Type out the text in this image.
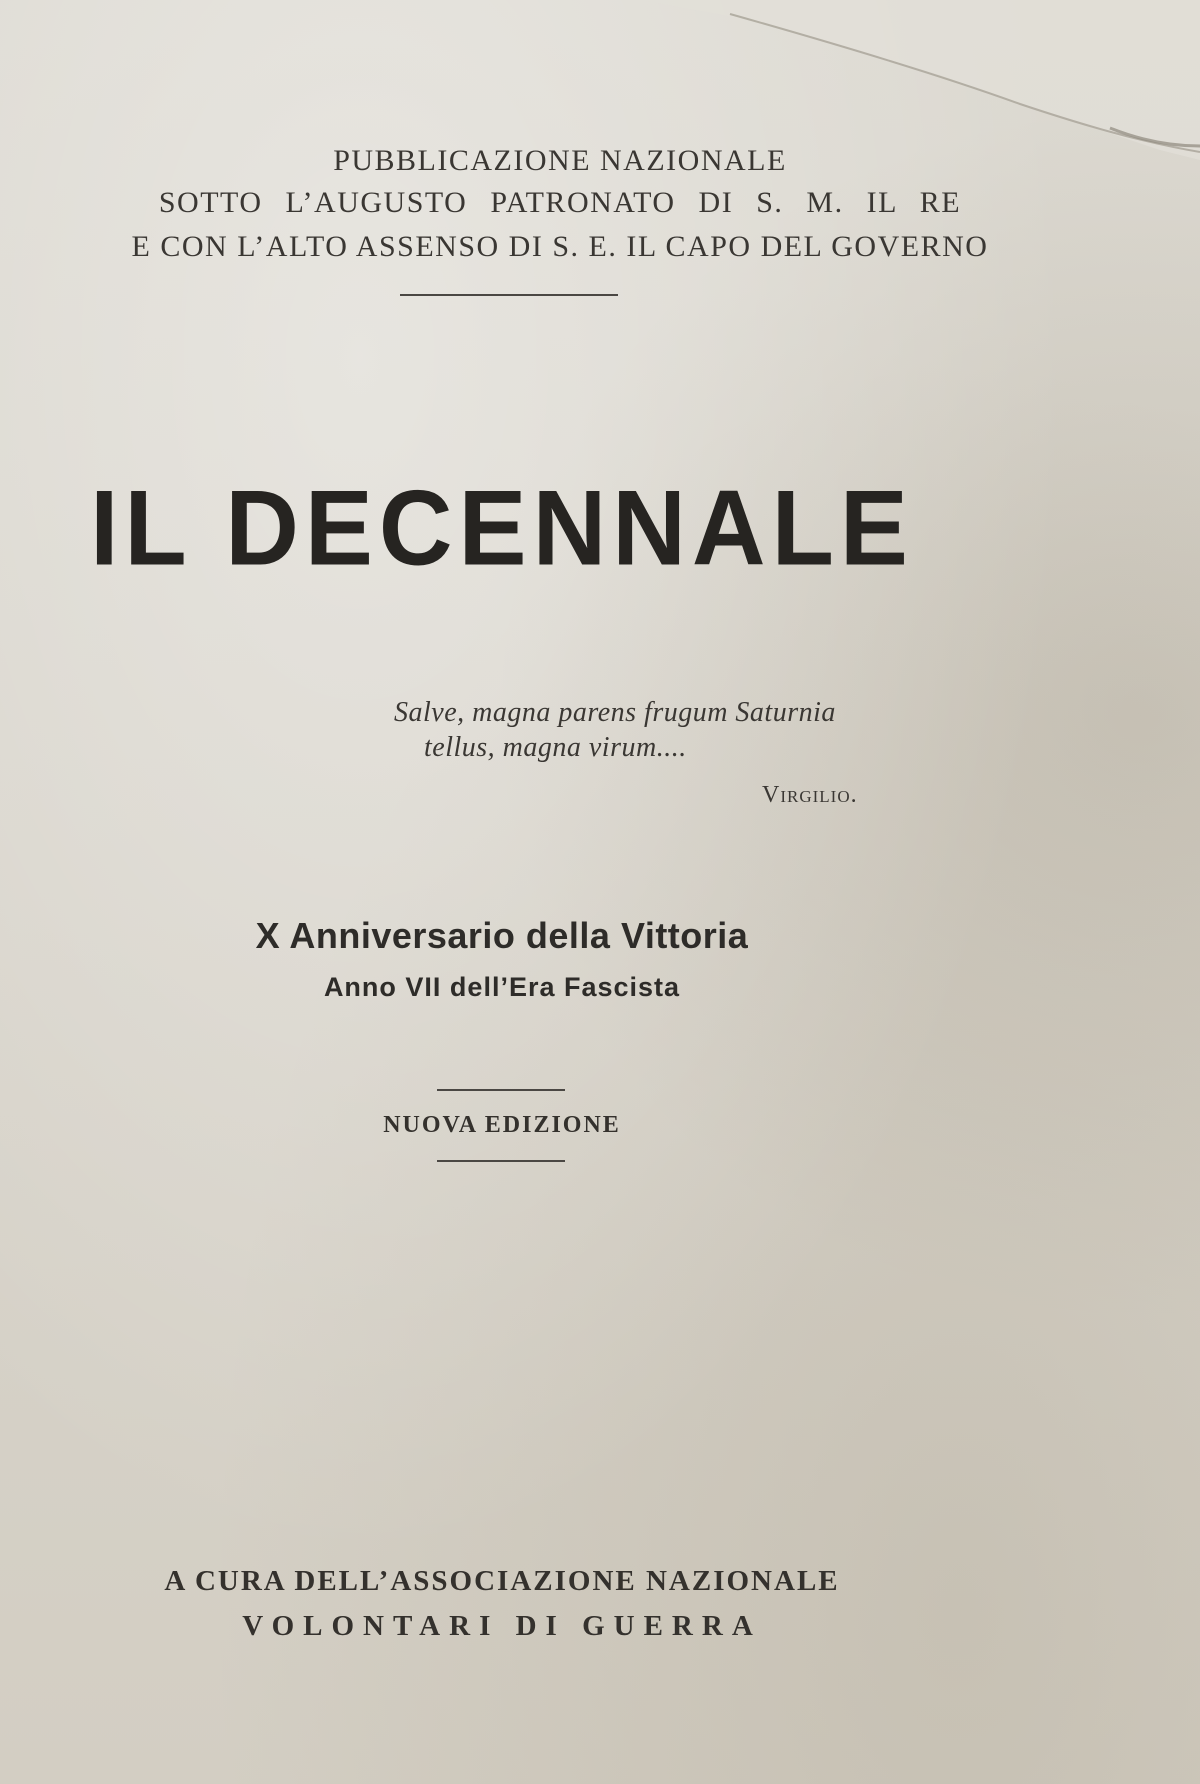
PUBBLICAZIONE NAZIONALE
SOTTO L’AUGUSTO PATRONATO DI S. M. IL RE
E CON L’ALTO ASSENSO DI S. E. IL CAPO DEL GOVERNO
IL DECENNALE
Salve, magna parens frugum Saturnia
tellus, magna virum....
Virgilio.
X Anniversario della Vittoria
Anno VII dell’Era Fascista
NUOVA EDIZIONE
A CURA DELL’ASSOCIAZIONE NAZIONALE
VOLONTARI DI GUERRA
